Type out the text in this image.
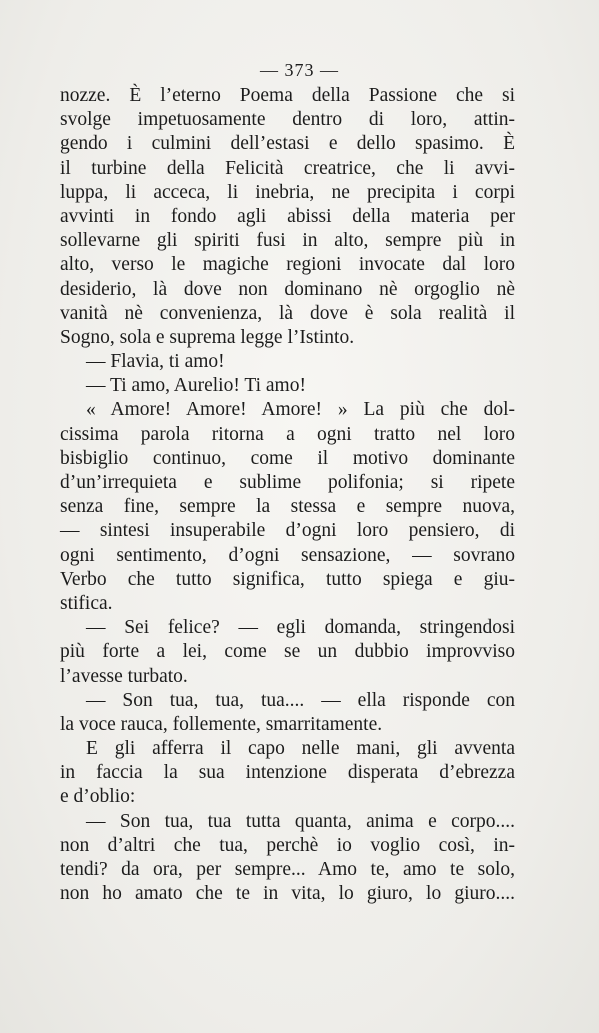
— 373 —
nozze. È l’eterno Poema della Passione che si
svolge impetuosamente dentro di loro, attin-
gendo i culmini dell’estasi e dello spasimo. È
il turbine della Felicità creatrice, che li avvi-
luppa, li acceca, li inebria, ne precipita i corpi
avvinti in fondo agli abissi della materia per
sollevarne gli spiriti fusi in alto, sempre più in
alto, verso le magiche regioni invocate dal loro
desiderio, là dove non dominano nè orgoglio nè
vanità nè convenienza, là dove è sola realità il
Sogno, sola e suprema legge l’Istinto.
— Flavia, ti amo!
— Ti amo, Aurelio! Ti amo!
« Amore! Amore! Amore! » La più che dol-
cissima parola ritorna a ogni tratto nel loro
bisbiglio continuo, come il motivo dominante
d’un’irrequieta e sublime polifonia; si ripete
senza fine, sempre la stessa e sempre nuova,
— sintesi insuperabile d’ogni loro pensiero, di
ogni sentimento, d’ogni sensazione, — sovrano
Verbo che tutto significa, tutto spiega e giu-
stifica.
— Sei felice? — egli domanda, stringendosi
più forte a lei, come se un dubbio improvviso
l’avesse turbato.
— Son tua, tua, tua.... — ella risponde con
la voce rauca, follemente, smarritamente.
E gli afferra il capo nelle mani, gli avventa
in faccia la sua intenzione disperata d’ebrezza
e d’oblio:
— Son tua, tua tutta quanta, anima e corpo....
non d’altri che tua, perchè io voglio così, in-
tendi? da ora, per sempre... Amo te, amo te solo,
non ho amato che te in vita, lo giuro, lo giuro....
